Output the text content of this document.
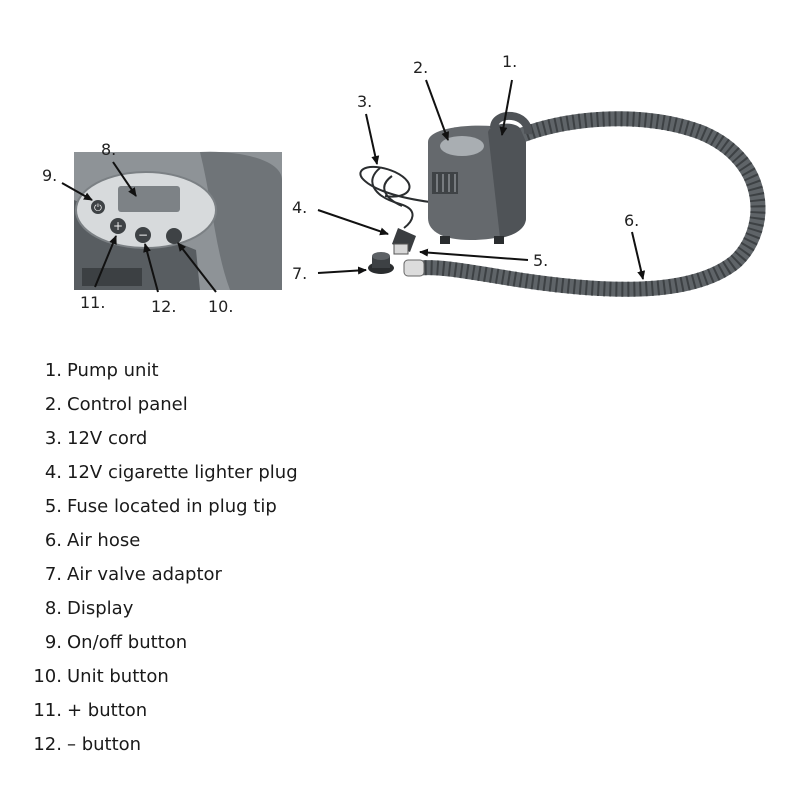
⏻
+
−
1.
2.
3.
4.
5.
6.
7.
8.
9.
10.
11.	12.
1. Pump unit
2. Control panel
3. 12V cord
4. 12V cigarette lighter plug
5. Fuse located in plug tip
6. Air hose
7. Air valve adaptor
8. Display
9. On/off button
10. Unit button
11. + button
12. – button
